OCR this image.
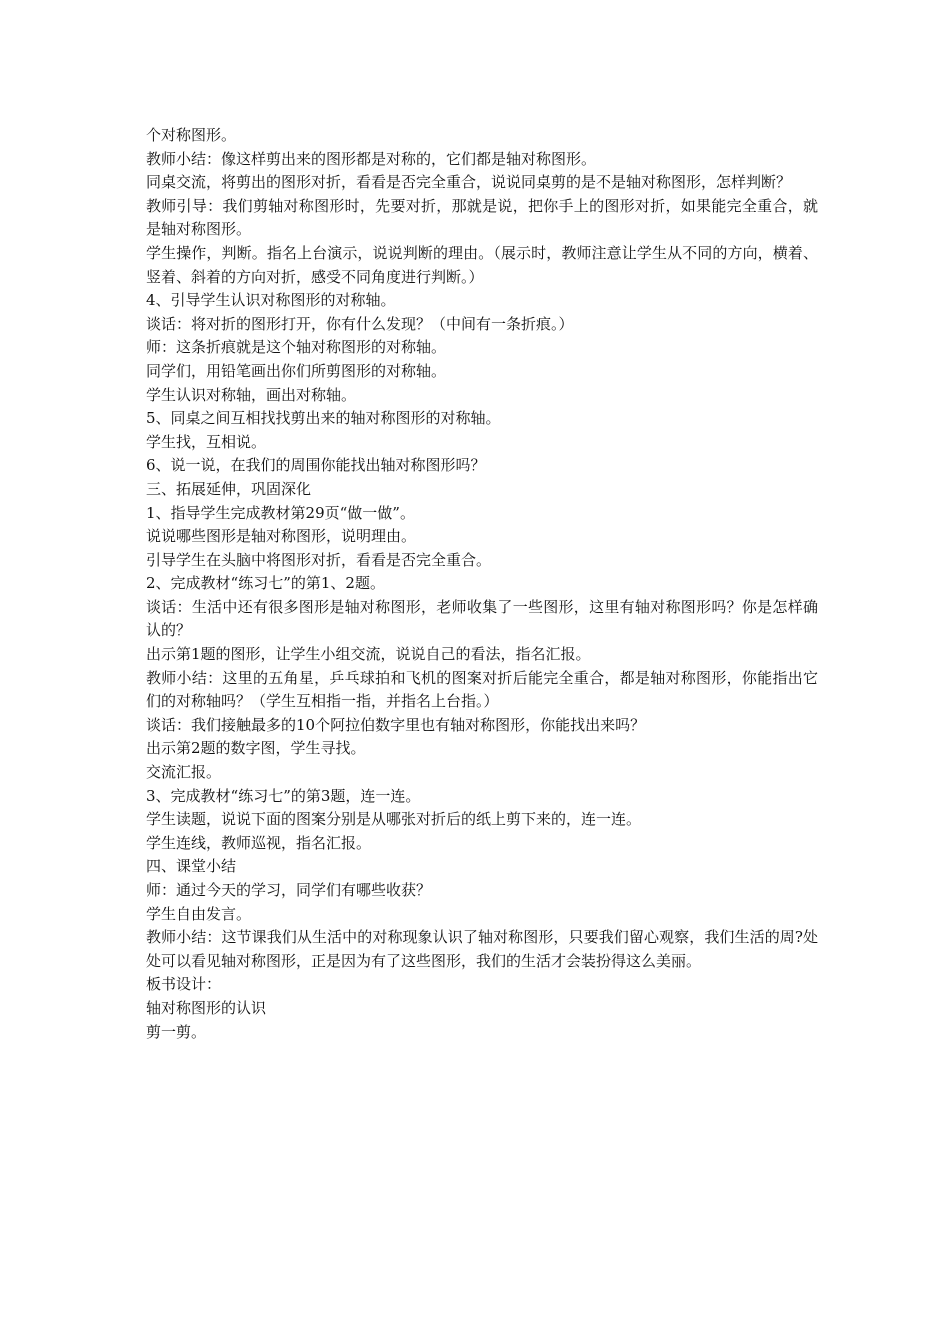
个对称图形。

教师小结：像这样剪出来的图形都是对称的，它们都是轴对称图形。

同桌交流，将剪出的图形对折，看看是否完全重合，说说同桌剪的是不是轴对称图形，怎样判断？

教师引导：我们剪轴对称图形时，先要对折，那就是说，把你手上的图形对折，如果能完全重合，就是轴对称图形。

学生操作，判断。指名上台演示，说说判断的理由。（展示时，教师注意让学生从不同的方向，横着、竖着、斜着的方向对折，感受不同角度进行判断。）

4、引导学生认识对称图形的对称轴。

谈话：将对折的图形打开，你有什么发现？（中间有一条折痕。）

师：这条折痕就是这个轴对称图形的对称轴。

同学们，用铅笔画出你们所剪图形的对称轴。

学生认识对称轴，画出对称轴。

5、同桌之间互相找找剪出来的轴对称图形的对称轴。

学生找，互相说。

6、说一说，在我们的周围你能找出轴对称图形吗？

三、拓展延伸，巩固深化

1、指导学生完成教材第29页“做一做”。

说说哪些图形是轴对称图形，说明理由。

引导学生在头脑中将图形对折，看看是否完全重合。

2、完成教材“练习七”的第1、2题。

谈话：生活中还有很多图形是轴对称图形，老师收集了一些图形，这里有轴对称图形吗？你是怎样确认的？

出示第1题的图形，让学生小组交流，说说自己的看法，指名汇报。

教师小结：这里的五角星，乒乓球拍和飞机的图案对折后能完全重合，都是轴对称图形，你能指出它们的对称轴吗？（学生互相指一指，并指名上台指。）

谈话：我们接触最多的10个阿拉伯数字里也有轴对称图形，你能找出来吗？

出示第2题的数字图，学生寻找。

交流汇报。

3、完成教材“练习七”的第3题，连一连。

学生读题，说说下面的图案分别是从哪张对折后的纸上剪下来的，连一连。

学生连线，教师巡视，指名汇报。

四、课堂小结

师：通过今天的学习，同学们有哪些收获？

学生自由发言。

教师小结：这节课我们从生活中的对称现象认识了轴对称图形，只要我们留心观察，我们生活的周?处处可以看见轴对称图形，正是因为有了这些图形，我们的生活才会装扮得这么美丽。

板书设计：

轴对称图形的认识

剪一剪。
